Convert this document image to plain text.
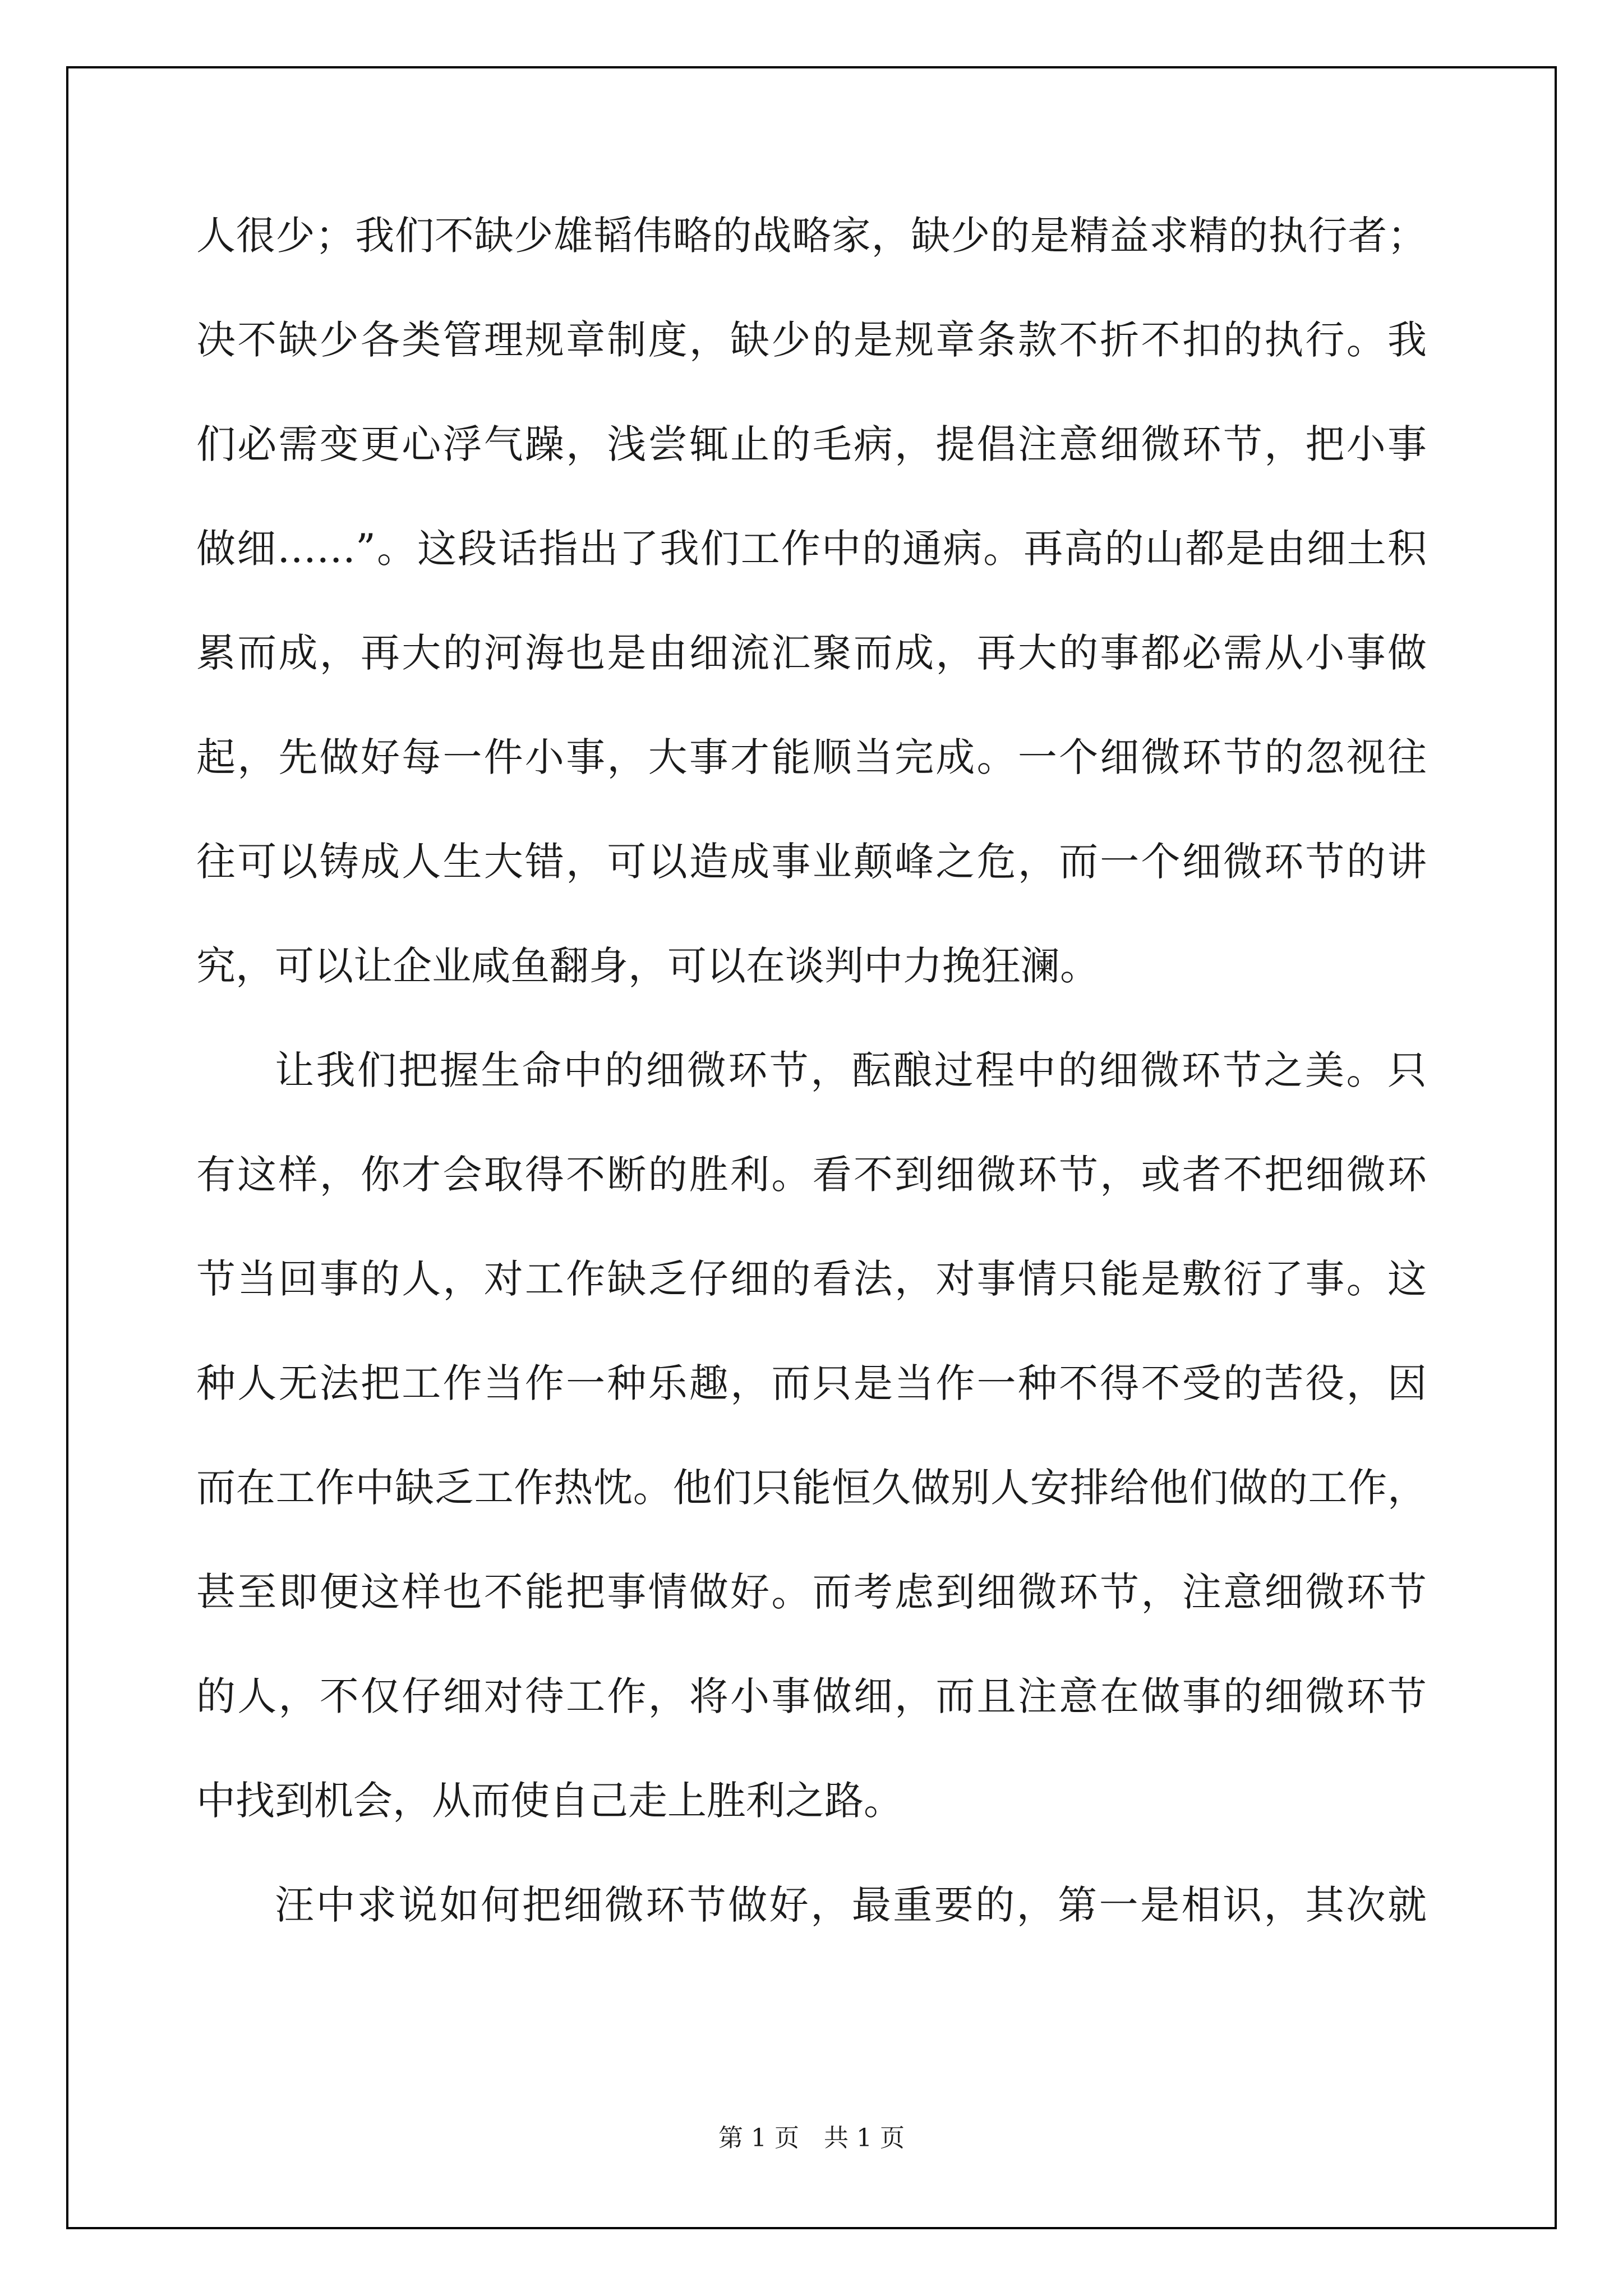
人很少；我们不缺少雄韬伟略的战略家，缺少的是精益求精的执行者；
决不缺少各类管理规章制度，缺少的是规章条款不折不扣的执行。我
们必需变更心浮气躁，浅尝辄止的毛病，提倡注意细微环节，把小事
做细……”。这段话指出了我们工作中的通病。再高的山都是由细土积
累而成，再大的河海也是由细流汇聚而成，再大的事都必需从小事做
起，先做好每一件小事，大事才能顺当完成。一个细微环节的忽视往
往可以铸成人生大错，可以造成事业颠峰之危，而一个细微环节的讲
究，可以让企业咸鱼翻身，可以在谈判中力挽狂澜。
让我们把握生命中的细微环节，酝酿过程中的细微环节之美。只
有这样，你才会取得不断的胜利。看不到细微环节，或者不把细微环
节当回事的人，对工作缺乏仔细的看法，对事情只能是敷衍了事。这
种人无法把工作当作一种乐趣，而只是当作一种不得不受的苦役，因
而在工作中缺乏工作热忱。他们只能恒久做别人安排给他们做的工作，
甚至即便这样也不能把事情做好。而考虑到细微环节，注意细微环节
的人，不仅仔细对待工作，将小事做细，而且注意在做事的细微环节
中找到机会，从而使自己走上胜利之路。
汪中求说如何把细微环节做好，最重要的，第一是相识，其次就
第 1 页　共 1 页
